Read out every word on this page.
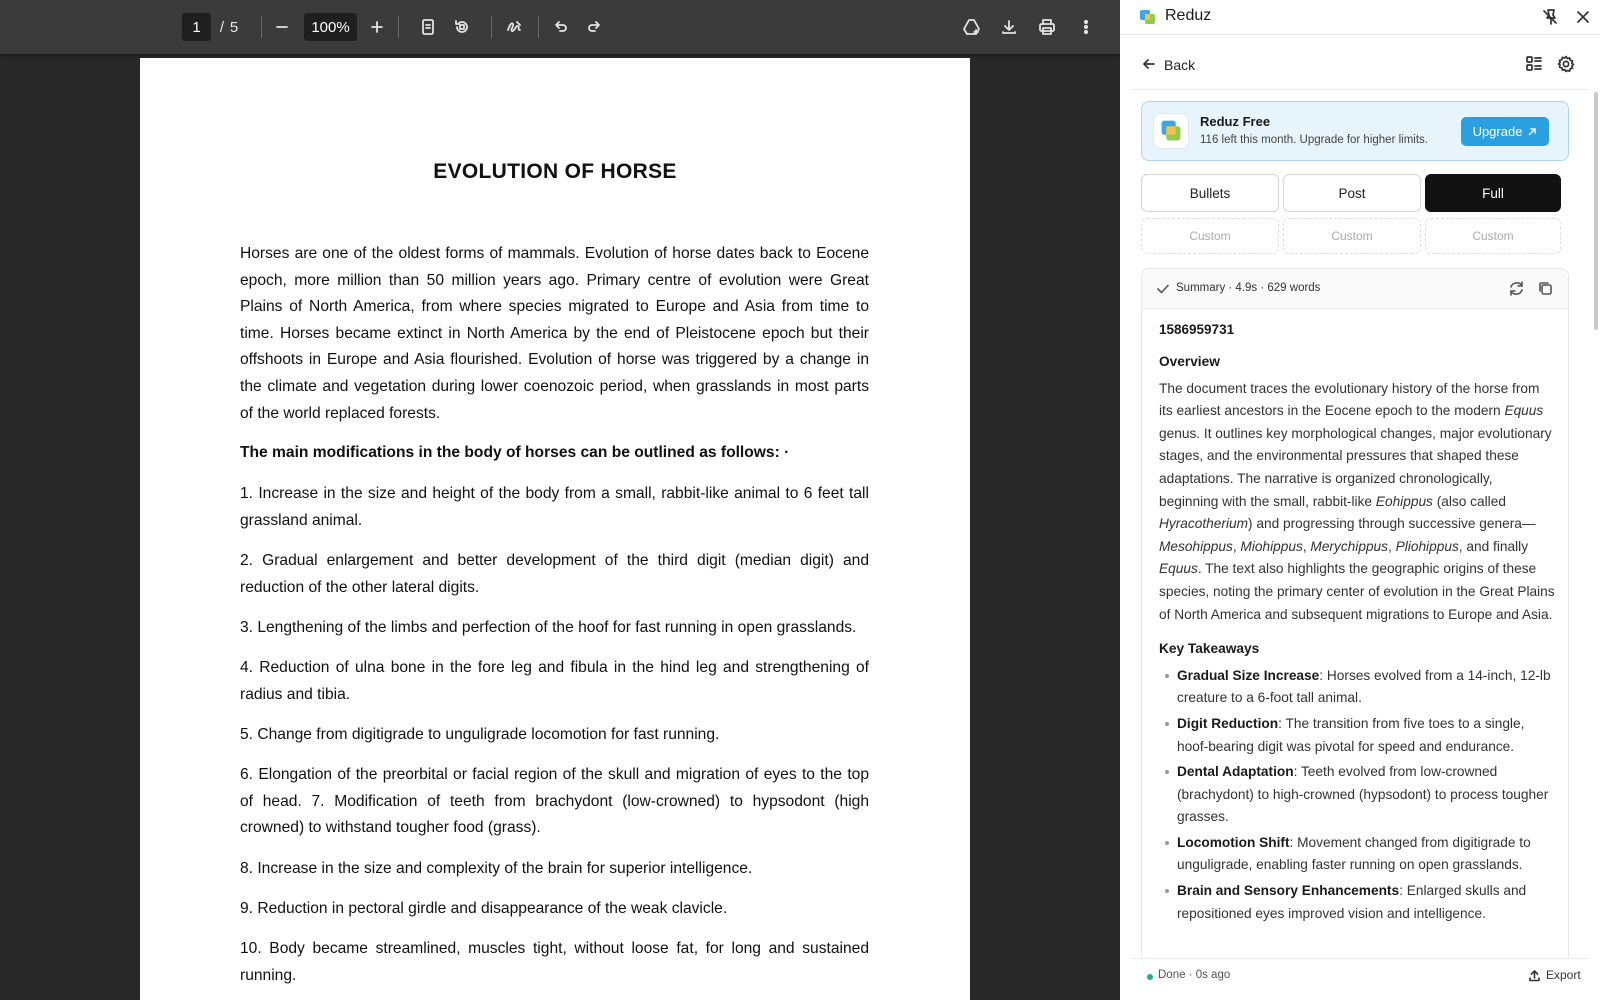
1	/ 5	100%
EVOLUTION OF HORSE
Horses are one of the oldest forms of mammals. Evolution of horse dates back to Eocene epoch, more million than 50 million years ago. Primary centre of evolution were Great Plains of North America, from where species migrated to Europe and Asia from time to time. Horses became extinct in North America by the end of Pleistocene epoch but their offshoots in Europe and Asia flourished. Evolution of horse was triggered by a change in the climate and vegetation during lower coenozoic period, when grasslands in most parts of the world replaced forests.
The main modifications in the body of horses can be outlined as follows: ·
1. Increase in the size and height of the body from a small, rabbit-like animal to 6 feet tall grassland animal.
2. Gradual enlargement and better development of the third digit (median digit) and reduction of the other lateral digits.
3. Lengthening of the limbs and perfection of the hoof for fast running in open grasslands.
4. Reduction of ulna bone in the fore leg and fibula in the hind leg and strengthening of radius and tibia.
5. Change from digitigrade to unguligrade locomotion for fast running.
6. Elongation of the preorbital or facial region of the skull and migration of eyes to the top of head. 7. Modification of teeth from brachydont (low-crowned) to hypsodont (high crowned) to withstand tougher food (grass).
8. Increase in the size and complexity of the brain for superior intelligence.
9. Reduction in pectoral girdle and disappearance of the weak clavicle.
10. Body became streamlined, muscles tight, without loose fat, for long and sustained running.
Reduz
Back
Reduz Free
116 left this month. Upgrade for higher limits.
Upgrade
Bullets	Post	Full
Custom	Custom	Custom
Summary · 4.9s · 629 words
1586959731
Overview
The document traces the evolutionary history of the horse from its earliest ancestors in the Eocene epoch to the modern Equus genus. It outlines key morphological changes, major evolutionary stages, and the environmental pressures that shaped these adaptations. The narrative is organized chronologically, beginning with the small, rabbit-like Eohippus (also called Hyracotherium) and progressing through successive genera—Mesohippus, Miohippus, Merychippus, Pliohippus, and finally Equus. The text also highlights the geographic origins of these species, noting the primary center of evolution in the Great Plains of North America and subsequent migrations to Europe and Asia.
Key Takeaways
Gradual Size Increase: Horses evolved from a 14-inch, 12-lb creature to a 6-foot tall animal.
Digit Reduction: The transition from five toes to a single, hoof-bearing digit was pivotal for speed and endurance.
Dental Adaptation: Teeth evolved from low-crowned (brachydont) to high-crowned (hypsodont) to process tougher grasses.
Locomotion Shift: Movement changed from digitigrade to unguligrade, enabling faster running on open grasslands.
Brain and Sensory Enhancements: Enlarged skulls and repositioned eyes improved vision and intelligence.
Done · 0s ago	Export
